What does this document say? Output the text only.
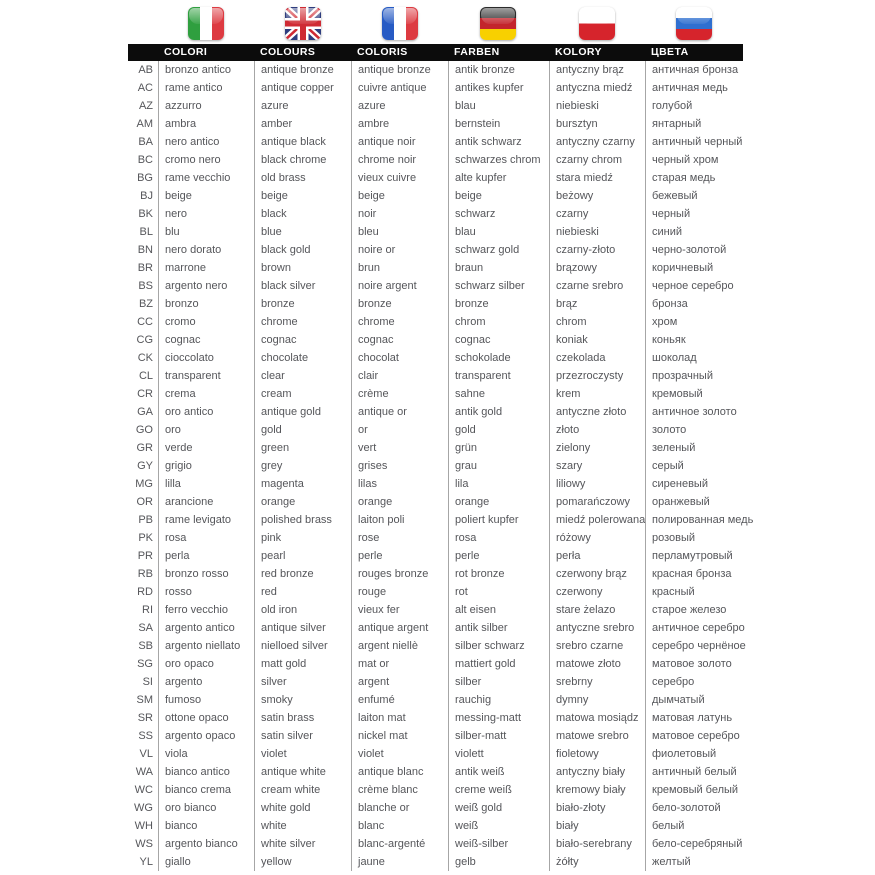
COLORI	COLOURS	COLORIS	FARBEN	KOLORY	ЦВЕТА
AB	bronzo antico	antique bronze	antique bronze	antik bronze	antyczny brąz	античная бронза
AC	rame antico	antique copper	cuivre antique	antikes kupfer	antyczna miedź	античная медь
AZ	azzurro	azure	azure	blau	niebieski	голубой
AM	ambra	amber	ambre	bernstein	bursztyn	янтарный
BA	nero antico	antique black	antique noir	antik schwarz	antyczny czarny	античный черный
BC	cromo nero	black chrome	chrome noir	schwarzes chrom	czarny chrom	черный хром
BG	rame vecchio	old brass	vieux cuivre	alte kupfer	stara miedź	старая медь
BJ	beige	beige	beige	beige	beżowy	бежевый
BK	nero	black	noir	schwarz	czarny	черный
BL	blu	blue	bleu	blau	niebieski	синий
BN	nero dorato	black gold	noire or	schwarz gold	czarny-złoto	черно-золотой
BR	marrone	brown	brun	braun	brązowy	коричневый
BS	argento nero	black silver	noire argent	schwarz silber	czarne srebro	черное серебро
BZ	bronzo	bronze	bronze	bronze	brąz	бронза
CC	cromo	chrome	chrome	chrom	chrom	хром
CG	cognac	cognac	cognac	cognac	koniak	коньяк
CK	cioccolato	chocolate	chocolat	schokolade	czekolada	шоколад
CL	transparent	clear	clair	transparent	przezroczysty	прозрачный
CR	crema	cream	crème	sahne	krem	кремовый
GA	oro antico	antique gold	antique or	antik gold	antyczne złoto	античное золото
GO	oro	gold	or	gold	złoto	золото
GR	verde	green	vert	grün	zielony	зеленый
GY	grigio	grey	grises	grau	szary	серый
MG	lilla	magenta	lilas	lila	liliowy	сиреневый
OR	arancione	orange	orange	orange	pomarańczowy	оранжевый
PB	rame levigato	polished brass	laiton poli	poliert kupfer	miedź polerowana полированная медь
PK	rosa	pink	rose	rosa	różowy	розовый
PR	perla	pearl	perle	perle	perła	перламутровый
RB	bronzo rosso	red bronze	rouges bronze	rot bronze	czerwony brąz	красная бронза
RD	rosso	red	rouge	rot	czerwony	красный
RI	ferro vecchio	old iron	vieux fer	alt eisen	stare żelazo	старое железо
SA	argento antico	antique silver	antique argent	antik silber	antyczne srebro	античное серебро
SB	argento niellato	nielloed silver	argent niellè	silber schwarz	srebro czarne	серебро чернёное
SG	oro opaco	matt gold	mat or	mattiert gold	matowe złoto	матовое золото
SI	argento	silver	argent	silber	srebrny	серебро
SM	fumoso	smoky	enfumé	rauchig	dymny	дымчатый
SR	ottone opaco	satin brass	laiton mat	messing-matt	matowa mosiądz	матовая латунь
SS	argento opaco	satin silver	nickel mat	silber-matt	matowe srebro	матовое серебро
VL	viola	violet	violet	violett	fioletowy	фиолетовый
WA	bianco antico	antique white	antique blanc	antik weiß	antyczny biały	античный белый
WC	bianco crema	cream white	crème blanc	creme weiß	kremowy biały	кремовый белый
WG	oro bianco	white gold	blanche or	weiß gold	biało-złoty	бело-золотой
WH	bianco	white	blanc	weiß	biały	белый
WS	argento bianco	white silver	blanc-argenté	weiß-silber	biało-serebrany	бело-серебряный
YL	giallo	yellow	jaune	gelb	żółty	желтый
